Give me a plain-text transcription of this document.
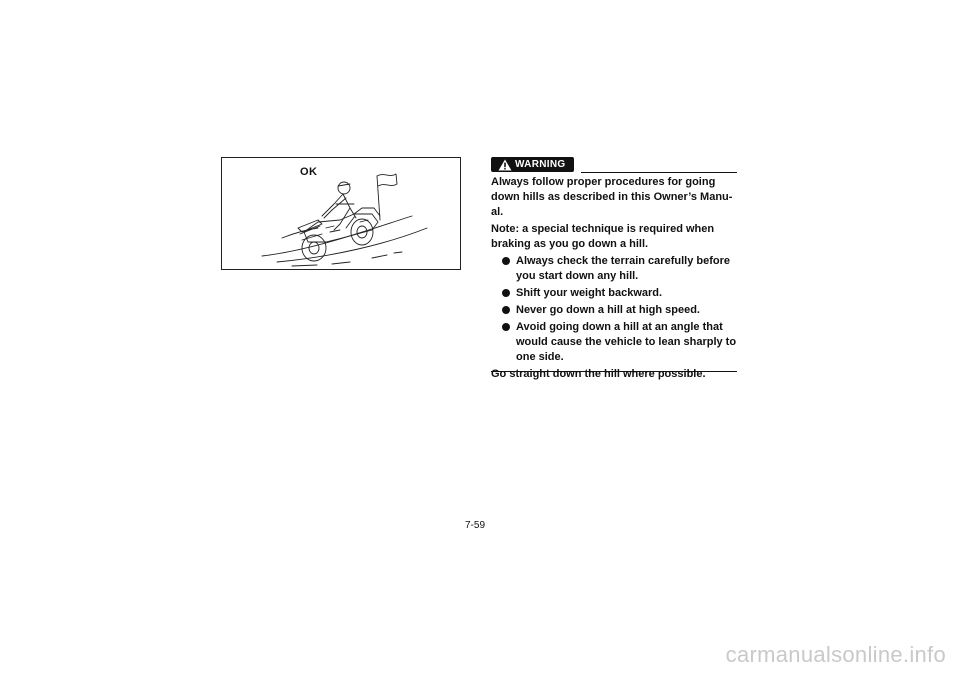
OK
WARNING

Always follow proper procedures for going
down hills as described in this Owner’s Manu-
al.

Note: a special technique is required when
braking as you go down a hill.

Always check the terrain carefully before
you start down any hill.
Shift your weight backward.
Never go down a hill at high speed.
Avoid going down a hill at an angle that
would cause the vehicle to lean sharply to
one side.

Go straight down the hill where possible.

7-59
carmanualsonline.info
